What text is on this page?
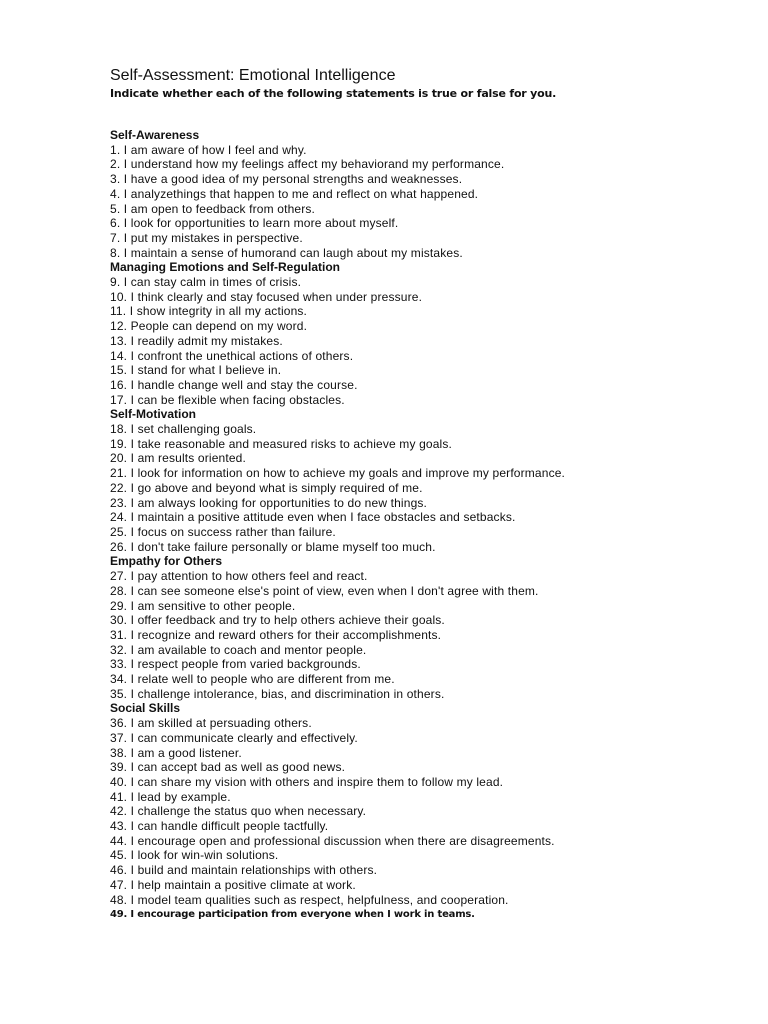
Self-Assessment: Emotional Intelligence

Indicate whether each of the following statements is true or false for you.

Self-Awareness

1. I am aware of how I feel and why.

2. I understand how my feelings affect my behaviorand my performance.

3. I have a good idea of my personal strengths and weaknesses.

4. I analyzethings that happen to me and reflect on what happened.

5. I am open to feedback from others.

6. I look for opportunities to learn more about myself.

7. I put my mistakes in perspective.

8. I maintain a sense of humorand can laugh about my mistakes.

Managing Emotions and Self-Regulation

9. I can stay calm in times of crisis.

10. I think clearly and stay focused when under pressure.

11. I show integrity in all my actions.

12. People can depend on my word.

13. I readily admit my mistakes.

14. I confront the unethical actions of others.

15. I stand for what I believe in.

16. I handle change well and stay the course.

17. I can be flexible when facing obstacles.

Self-Motivation

18. I set challenging goals.

19. I take reasonable and measured risks to achieve my goals.

20. I am results oriented.

21. I look for information on how to achieve my goals and improve my performance.

22. I go above and beyond what is simply required of me.

23. I am always looking for opportunities to do new things.

24. I maintain a positive attitude even when I face obstacles and setbacks.

25. I focus on success rather than failure.

26. I don't take failure personally or blame myself too much.

Empathy for Others

27. I pay attention to how others feel and react.

28. I can see someone else's point of view, even when I don't agree with them.

29. I am sensitive to other people.

30. I offer feedback and try to help others achieve their goals.

31. I recognize and reward others for their accomplishments.

32. I am available to coach and mentor people.

33. I respect people from varied backgrounds.

34. I relate well to people who are different from me.

35. I challenge intolerance, bias, and discrimination in others.

Social Skills

36. I am skilled at persuading others.

37. I can communicate clearly and effectively.

38. I am a good listener.

39. I can accept bad as well as good news.

40. I can share my vision with others and inspire them to follow my lead.

41. I lead by example.

42. I challenge the status quo when necessary.

43. I can handle difficult people tactfully.

44. I encourage open and professional discussion when there are disagreements.

45. I look for win-win solutions.

46. I build and maintain relationships with others.

47. I help maintain a positive climate at work.

48. I model team qualities such as respect, helpfulness, and cooperation.

49. I encourage participation from everyone when I work in teams.
